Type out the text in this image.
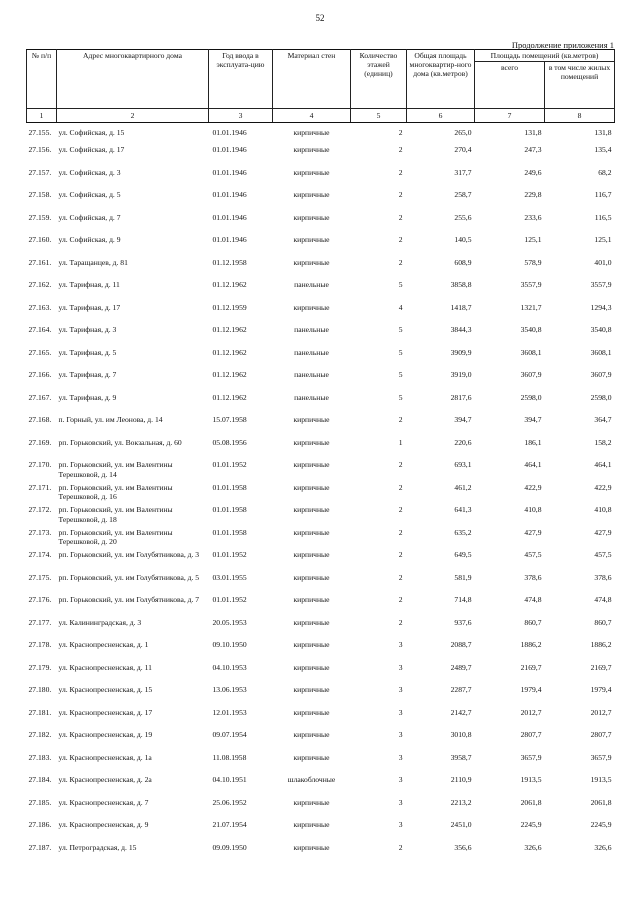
52
Продолжение приложения 1
№ п/п	Адрес многоквартирного дома	Год ввода в эксплуата-цию	Материал стен	Количество этажей (единиц)	Общая площадь многоквартир-ного дома (кв.метров)	Площадь помещений (кв.метров)	
						всего	в том числе жилых помещений
1	2	3	4	5	6	7	8
27.155.	ул. Софийская, д. 15	01.01.1946	кирпичные	2	265,0	131,8	131,8
27.156.	ул. Софийская, д. 17	01.01.1946	кирпичные	2	270,4	247,3	135,4
27.157.	ул. Софийская, д. 3	01.01.1946	кирпичные	2	317,7	249,6	68,2
27.158.	ул. Софийская, д. 5	01.01.1946	кирпичные	2	258,7	229,8	116,7
27.159.	ул. Софийская, д. 7	01.01.1946	кирпичные	2	255,6	233,6	116,5
27.160.	ул. Софийская, д. 9	01.01.1946	кирпичные	2	140,5	125,1	125,1
27.161.	ул. Таращанцев, д. 81	01.12.1958	кирпичные	2	608,9	578,9	401,0
27.162.	ул. Тарифная, д. 11	01.12.1962	панельные	5	3858,8	3557,9	3557,9
27.163.	ул. Тарифная, д. 17	01.12.1959	кирпичные	4	1418,7	1321,7	1294,3
27.164.	ул. Тарифная, д. 3	01.12.1962	панельные	5	3844,3	3540,8	3540,8
27.165.	ул. Тарифная, д. 5	01.12.1962	панельные	5	3909,9	3608,1	3608,1
27.166.	ул. Тарифная, д. 7	01.12.1962	панельные	5	3919,0	3607,9	3607,9
27.167.	ул. Тарифная, д. 9	01.12.1962	панельные	5	2817,6	2598,0	2598,0
27.168.	п. Горный, ул. им Леонова, д. 14	15.07.1958	кирпичные	2	394,7	394,7	364,7
27.169.	рп. Горьковский, ул. Вокзальная, д. 60	05.08.1956	кирпичные	1	220,6	186,1	158,2
27.170.	рп. Горьковский, ул. им Валентины Терешковой, д. 14	01.01.1952	кирпичные	2	693,1	464,1	464,1
27.171.	рп. Горьковский, ул. им Валентины Терешковой, д. 16	01.01.1958	кирпичные	2	461,2	422,9	422,9
27.172.	рп. Горьковский, ул. им Валентины Терешковой, д. 18	01.01.1958	кирпичные	2	641,3	410,8	410,8
27.173.	рп. Горьковский, ул. им Валентины Терешковой, д. 20	01.01.1958	кирпичные	2	635,2	427,9	427,9
27.174.	рп. Горьковский, ул. им Голубятникова, д. 3	01.01.1952	кирпичные	2	649,5	457,5	457,5
27.175.	рп. Горьковский, ул. им Голубятникова, д. 5	03.01.1955	кирпичные	2	581,9	378,6	378,6
27.176.	рп. Горьковский, ул. им Голубятникова, д. 7	01.01.1952	кирпичные	2	714,8	474,8	474,8
27.177.	ул. Калининградская, д. 3	20.05.1953	кирпичные	2	937,6	860,7	860,7
27.178.	ул. Краснопресненская, д. 1	09.10.1950	кирпичные	3	2088,7	1886,2	1886,2
27.179.	ул. Краснопресненская, д. 11	04.10.1953	кирпичные	3	2489,7	2169,7	2169,7
27.180.	ул. Краснопресненская, д. 15	13.06.1953	кирпичные	3	2287,7	1979,4	1979,4
27.181.	ул. Краснопресненская, д. 17	12.01.1953	кирпичные	3	2142,7	2012,7	2012,7
27.182.	ул. Краснопресненская, д. 19	09.07.1954	кирпичные	3	3010,8	2807,7	2807,7
27.183.	ул. Краснопресненская, д. 1а	11.08.1958	кирпичные	3	3958,7	3657,9	3657,9
27.184.	ул. Краснопресненская, д. 2а	04.10.1951	шлакоблочные	3	2110,9	1913,5	1913,5
27.185.	ул. Краснопресненская, д. 7	25.06.1952	кирпичные	3	2213,2	2061,8	2061,8
27.186.	ул. Краснопресненская, д. 9	21.07.1954	кирпичные	3	2451,0	2245,9	2245,9
27.187.	ул. Петроградская, д. 15	09.09.1950	кирпичные	2	356,6	326,6	326,6
